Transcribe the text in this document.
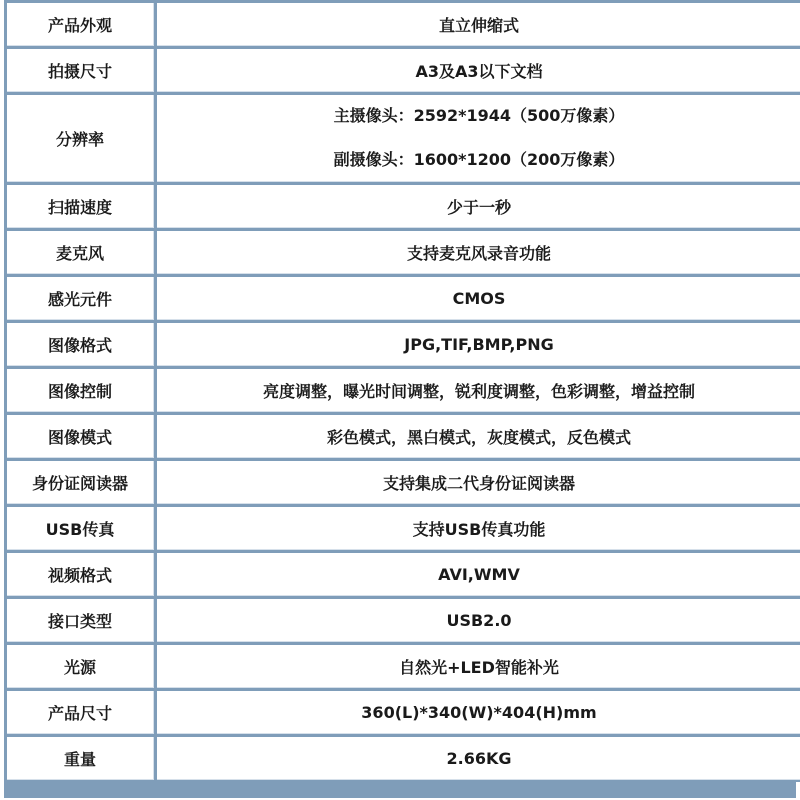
产品外观	直立伸缩式
拍摄尺寸	A3及A3以下文档
分辨率	主摄像头：2592*1944（500万像素）
副摄像头：1600*1200（200万像素）

扫描速度	少于一秒
麦克风	支持麦克风录音功能
感光元件	CMOS
图像格式	JPG,TIF,BMP,PNG
图像控制	亮度调整，曝光时间调整，锐利度调整，色彩调整，增益控制
图像模式	彩色模式，黑白模式，灰度模式，反色模式
身份证阅读器	支持集成二代身份证阅读器
USB传真	支持USB传真功能
视频格式	AVI,WMV
接口类型	USB2.0
光源	自然光+LED智能补光
产品尺寸	360(L)*340(W)*404(H)mm
重量	2.66KG
